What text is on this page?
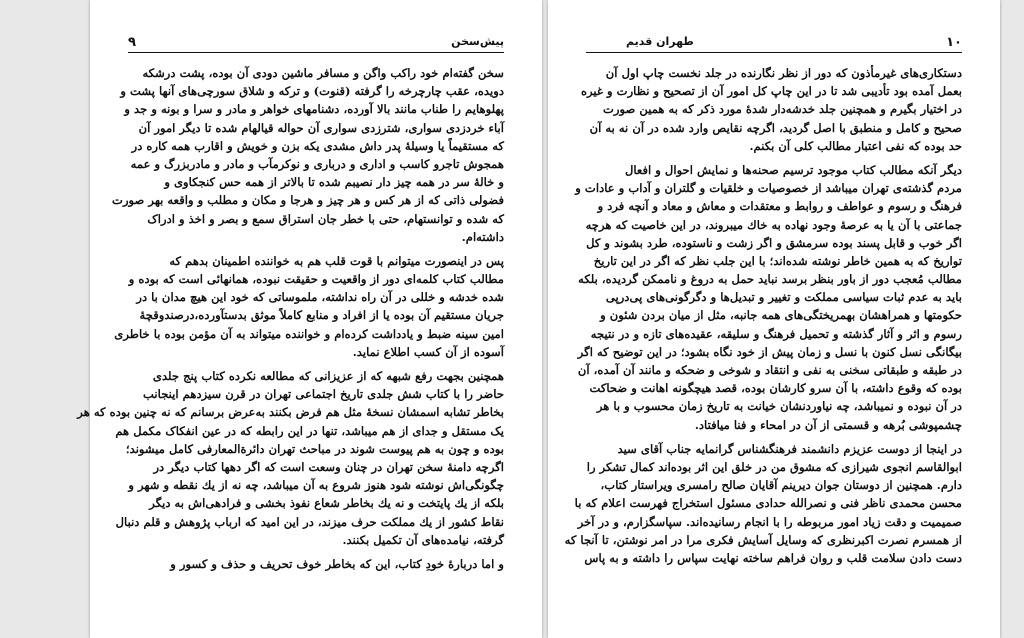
۹	پیش‌سخن
سخن گفته‌ام خود راکب واگن و مسافر ماشین دودی آن بوده، پشت درشکه
دویده، عقب چارچرخه را گرفته (قنوت) و ترکه و شلاق سورچی‌های آنها پشت و
پهلوهایم را طناب مانند بالا آورده، دشنامهای خواهر و مادر و سرا و بونه و جد و
آباء خردزدی سواری، شترزدی سواری آن حواله قیالهام شده تا دیگر امور آن
که مستقیماً یا وسیلهٔ پدر داش مشدی یکه بزن و خویش و اقارب همه کاره در
همجوش تاجرو کاسب و اداری و درباری و نوکرمآب و مادر و مادربزرگ و عمه
و خالهٔ سر در همه چیز دار نصیبم شده تا بالاتر از همه حس کنجکاوی و
فضولی ذاتی که از هر کس و هر چیز و هرجا و مکان و مطلب و واقعه بهر صورت
که شده و توانستهام، حتی با خطر جان استراق سمع و بصر و اخذ و ادراک
داشته‌ام.
پس در اینصورت میتوانم با قوت قلب هم به خواننده اطمینان بدهم که
مطالب کتاب کلمه‌ای دور از واقعیت و حقیقت نبوده، همانهائی است که بوده و
شده خدشه و خللی در آن راه نداشته، ملموساتی که خود این هیچ مدان با در
جریان مستقیم آن بوده یا از افراد و منابع کاملاً موثق بدستآورده،درصندوقچهٔ
امین سینه ضبط و یادداشت کرده‌ام و خواننده میتواند به آن مؤمن بوده با خاطری
آسوده از آن کسب اطلاع نماید.
همچنین بجهت رفع شبهه که از عزیزانی که مطالعه نکرده کتاب پنج جلدی
حاضر را با کتاب شش جلدی تاریخ اجتماعی تهران در قرن سیزدهم اینجانب
بخاطر تشابه اسمشان نسخهٔ مثل هم فرض بکنند به‌عرض برسانم که نه چنین بوده که هر
یک مستقل و جدای از هم میباشد، تنها در این رابطه که در عین انفکاک مکمل هم
بوده و چون به هم پیوست شوند در مباحث تهران دائرة‌المعارفی کامل میشوند؛
اگرچه دامنهٔ سخن تهران در چنان وسعت است که اگر دهها کتاب دیگر در
چگونگی‌اش نوشته شود هنوز شروع به آن میباشد، چه نه از یك نقطه و شهر و
بلکه از یك پایتخت و نه یك بخاطر شعاع نفوذ بخشی و فرادهی‌اش به دیگر
نقاط کشور از یك مملکت حرف میزند، در این امید که ارباب پژوهش و قلم دنبال
گرفته، نیامده‌های آن تکمیل بکنند.
و اما دربارهٔ خودِ کتاب، این که بخاطر خوف تحریف و حذف و کسور و
۱۰
طهران قدیم
دستکاری‌های غیرمأذون که دور از نظر نگارنده در جلد نخست چاپ اول آن
بعمل آمده بود تأدیبی شد تا در این چاپ کل امور آن از تصحیح و نظارت و غیره
در اختیار بگیرم و همچنین جلد خدشه‌دار شدهٔ مورد ذکر که به همین صورت
صحیح و کامل و منطبق با اصل گردید، اگرچه نقایص وارد شده در آن نه به آن
حد بوده که نفی اعتبار مطالب کلی آن بکنم.
دیگر آنکه مطالب کتاب موجود ترسیم صحنه‌ها و نمایش احوال و افعال
مردم گذشته‌ی تهران میباشد از خصوصیات و خلقیات و گلتران و آداب و عادات و
فرهنگ و رسوم و عواطف و روابط و معتقدات و معاش و معاد و آنچه فرد و
جماعتی با آن یا به عرصهٔ وجود نهاده به خاك میبروند، در این خاصیت که هرچه
اگر خوب و قابل پسند بوده سرمشق و اگر زشت و ناستوده، طرد بشوند و کل
تواریخ که به همین خاطر نوشته شده‌اند؛ با این جلب نظر که اگر در این تاریخ
مطالب مُعجب دور از باور بنظر برسد نباید حمل به دروغ و ناممکن گردیده، بلکه
باید به عدم ثبات سیاسی مملکت و تغییر و تبدیل‌ها و دگرگونی‌های پی‌درپی
حکومتها و همراهشان بهمریختگی‌های همه جانبه، مثل از میان بردن شئون و
رسوم و اثر و آثار گذشته و تحمیل فرهنگ و سلیقه، عقیده‌های تازه و در نتیجه
بیگانگی نسل کنون با نسل و زمان پیش از خود نگاه بشود؛ در این توضیح که اگر
در طبقه و طبقاتی سخنی به نفی و انتقاد و شوخی و ضحکه و مانند آن آمده، آن
بوده که وقوع داشته، با آن سرو کارشان بوده، قصد هیچگونه اهانت و ضحاکت
در آن نبوده و نمیباشد، چه نیاوردنشان خیانت به تاریخ زمان محسوب و با هر
چشمپوشی بُرهه و قسمتی از آن در امحاء و فنا میافتاد.
در اینجا از دوست عزیزم دانشمند فرهنگشناس گرانمایه جناب آقای سید
ابوالقاسم انجوی شیرازی که مشوق من در خلق این اثر بوده‌اند کمال تشکر را
دارم. همچنین از دوستان جوان دیرینم آقایان صالح رامسری ویراستار کتاب،
محسن محمدی ناظر فنی و نصرالله حدادی مسئول استخراج فهرست اعلام که با
صمیمیت و دقت زیاد امور مربوطه را با انجام رسانیده‌اند. سپاسگزارم، و در آخر
از همسرم نصرت اکبرنظری که وسایل آسایش فکری مرا در امر نوشتن، تا آنجا که
دست دادن سلامت قلب و روان فراهم ساخته نهایت سپاس را داشته و به پاس
